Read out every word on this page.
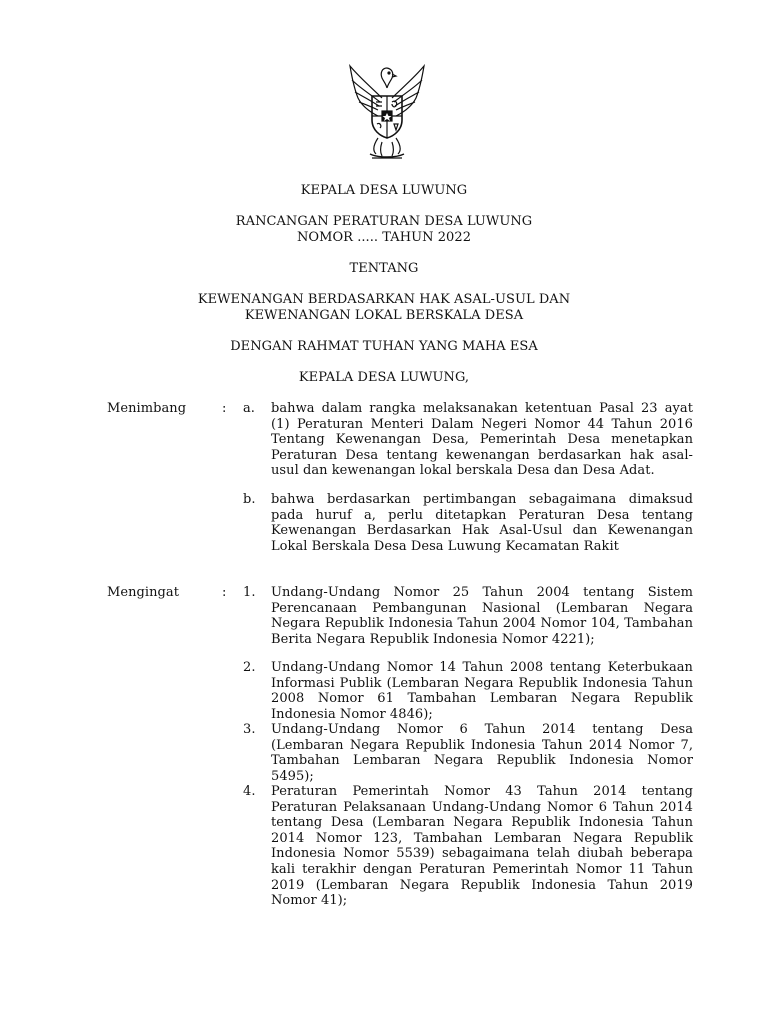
KEPALA DESA LUWUNG
RANCANGAN PERATURAN DESA LUWUNG
NOMOR ..... TAHUN 2022
TENTANG
KEWENANGAN BERDASARKAN HAK ASAL-USUL DAN
KEWENANGAN LOKAL BERSKALA DESA
DENGAN RAHMAT TUHAN YANG MAHA ESA
KEPALA DESA LUWUNG,
Menimbang	: a. bahwa dalam rangka melaksanakan ketentuan Pasal 23 ayat (1) Peraturan Menteri Dalam Negeri Nomor 44 Tahun 2016 Tentang Kewenangan Desa, Pemerintah Desa menetapkan Peraturan Desa tentang kewenangan berdasarkan hak asal-usul dan kewenangan lokal berskala Desa dan Desa Adat.
b. bahwa berdasarkan pertimbangan sebagaimana dimaksud pada huruf a, perlu ditetapkan Peraturan Desa tentang Kewenangan Berdasarkan Hak Asal-Usul dan Kewenangan Lokal Berskala Desa Desa Luwung Kecamatan Rakit
Mengingat	: 1. Undang-Undang Nomor 25 Tahun 2004 tentang Sistem Perencanaan Pembangunan Nasional (Lembaran Negara Negara Republik Indonesia Tahun 2004 Nomor 104, Tambahan Berita Negara Republik Indonesia Nomor 4221);
2. Undang-Undang Nomor 14 Tahun 2008 tentang Keterbukaan Informasi Publik (Lembaran Negara Republik Indonesia Tahun 2008 Nomor 61 Tambahan Lembaran Negara Republik Indonesia Nomor 4846);
3. Undang-Undang Nomor 6 Tahun 2014 tentang Desa (Lembaran Negara Republik Indonesia Tahun 2014 Nomor 7, Tambahan Lembaran Negara Republik Indonesia Nomor 5495);
4. Peraturan Pemerintah Nomor 43 Tahun 2014 tentang Peraturan Pelaksanaan Undang-Undang Nomor 6 Tahun 2014 tentang Desa (Lembaran Negara Republik Indonesia Tahun 2014 Nomor 123, Tambahan Lembaran Negara Republik Indonesia Nomor 5539) sebagaimana telah diubah beberapa kali terakhir dengan Peraturan Pemerintah Nomor 11 Tahun 2019 (Lembaran Negara Republik Indonesia Tahun 2019 Nomor 41);
